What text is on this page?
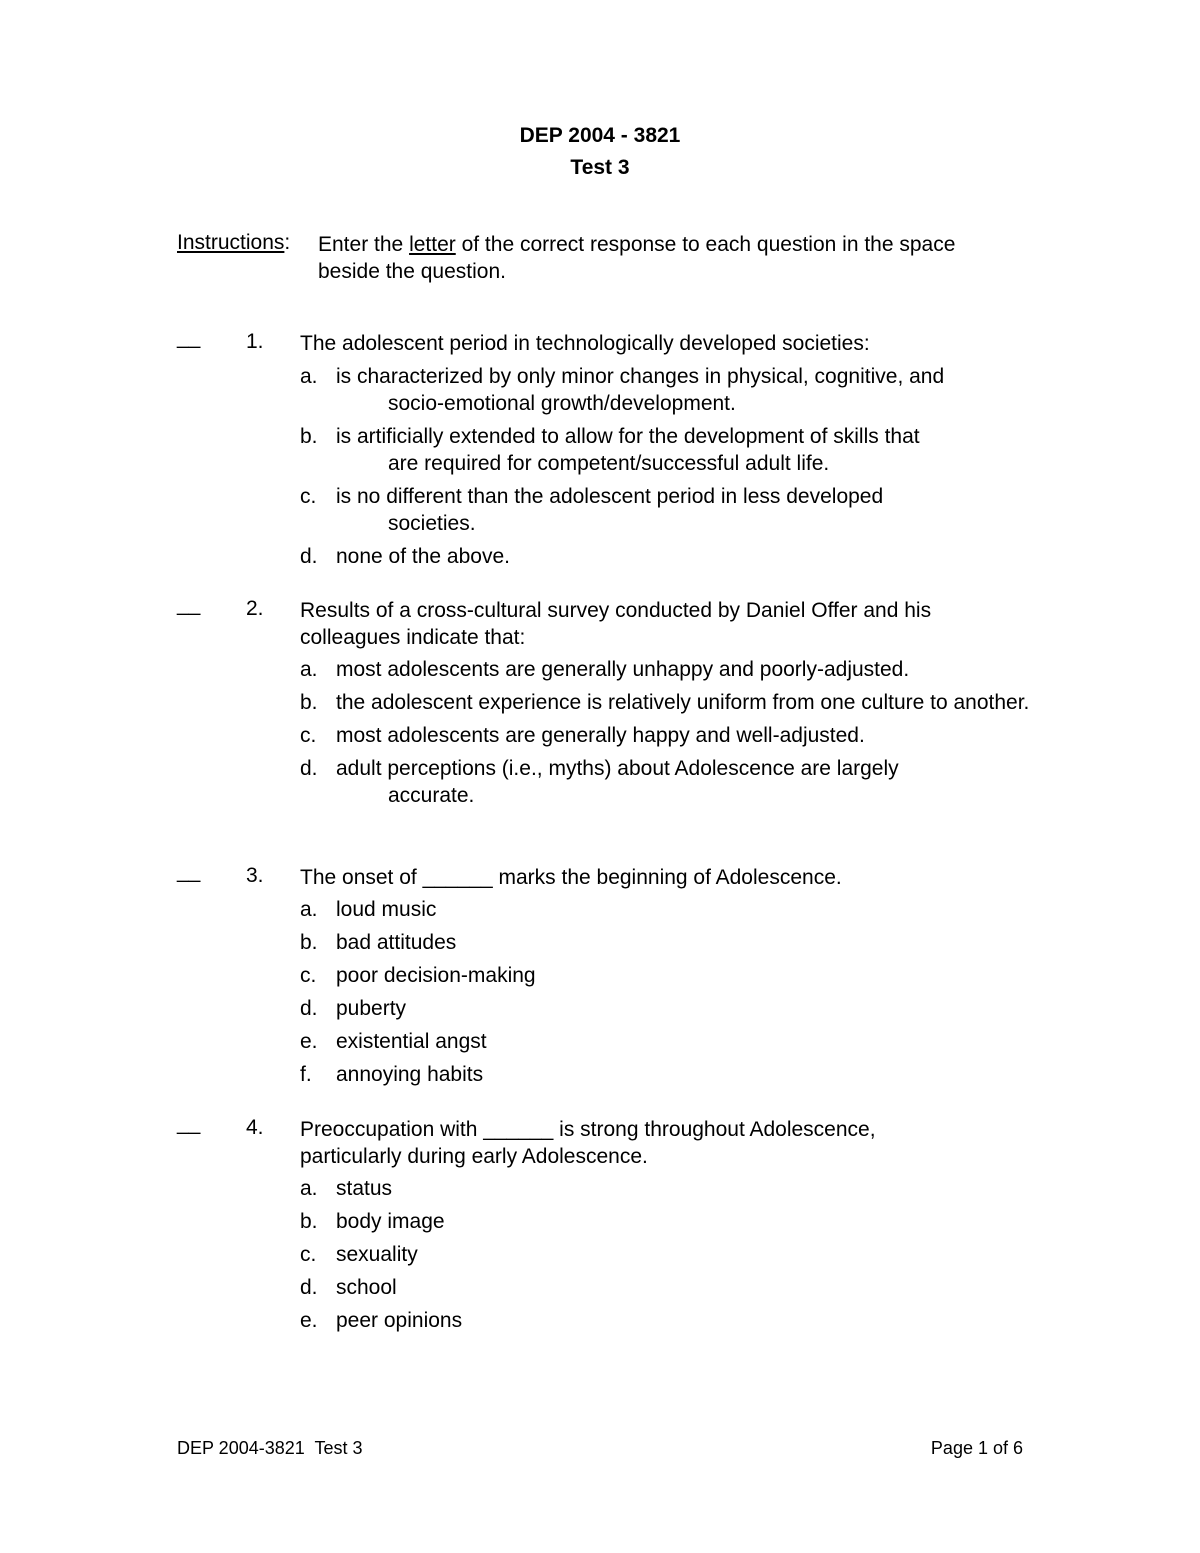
DEP 2004 - 3821
Test 3
Instructions: Enter the letter of the correct response to each question in the space beside the question.
__ 1. The adolescent period in technologically developed societies:
a. is characterized by only minor changes in physical, cognitive, and
socio-emotional growth/development.
b. is artificially extended to allow for the development of skills that
are required for competent/successful adult life.
c. is no different than the adolescent period in less developed
societies.
d. none of the above.
__ 2. Results of a cross-cultural survey conducted by Daniel Offer and his colleagues indicate that:
a. most adolescents are generally unhappy and poorly-adjusted.
b. the adolescent experience is relatively uniform from one culture to another.
c. most adolescents are generally happy and well-adjusted.
d. adult perceptions (i.e., myths) about Adolescence are largely
accurate.
__ 3. The onset of ______ marks the beginning of Adolescence.
a. loud music
b. bad attitudes
c. poor decision-making
d. puberty
e. existential angst
f.	annoying habits
__ 4. Preoccupation with ______ is strong throughout Adolescence, particularly during early Adolescence.
a. status
b. body image
c. sexuality
d. school
e. peer opinions
DEP 2004-3821  Test 3	Page 1 of 6
